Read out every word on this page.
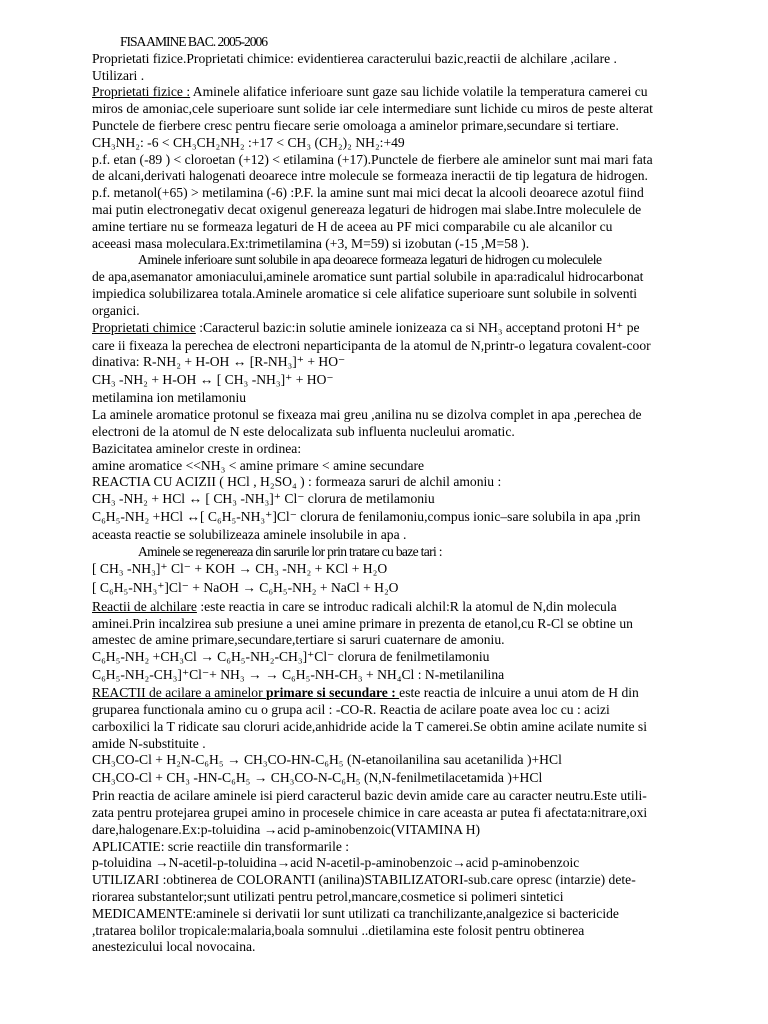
FISA AMINE BAC. 2005-2006
Proprietati fizice.Proprietati chimice: evidentierea caracterului bazic,reactii de alchilare ,acilare .
Utilizari .
Proprietati fizice : Aminele alifatice inferioare sunt gaze sau lichide volatile la temperatura camerei cu
miros de amoniac,cele superioare sunt solide iar cele intermediare sunt lichide cu miros de peste alterat
Punctele de fierbere cresc pentru fiecare serie omoloaga a aminelor primare,secundare si tertiare.
CH₃NH₂: -6 < CH₃CH₂NH₂ :+17 < CH₃ (CH₂)₂ NH₂:+49
p.f. etan (-89 ) < cloroetan (+12) < etilamina (+17).Punctele de fierbere ale aminelor sunt mai mari fata
de alcani,derivati halogenati deoarece intre molecule se formeaza ineractii de tip legatura de hidrogen.
p.f. metanol(+65) > metilamina (-6) :P.F. la amine sunt mai mici decat la alcooli deoarece azotul fiind
mai putin electronegativ decat oxigenul genereaza legaturi de hidrogen mai slabe.Intre moleculele de
amine tertiare nu se formeaza legaturi de H de aceea au PF mici comparabile cu ale alcanilor cu
aceeasi masa moleculara.Ex:trimetilamina (+3, M=59) si izobutan (-15 ,M=58 ).
Aminele inferioare sunt solubile in apa deoarece formeaza legaturi de hidrogen cu moleculele
de apa,asemanator amoniacului,aminele aromatice sunt partial solubile in apa:radicalul hidrocarbonat
impiedica solubilizarea totala.Aminele aromatice si cele alifatice superioare sunt solubile in solventi
organici.
Proprietati chimice :Caracterul bazic:in solutie aminele ionizeaza ca si NH₃ acceptand protoni H⁺ pe
care ii fixeaza la perechea de electroni neparticipanta de la atomul de N,printr-o legatura covalent-coor
dinativa: R-NH₂ + H-OH ↔ [R-NH₃]⁺ + HO⁻
CH₃ -NH₂ + H-OH ↔ [ CH₃ -NH₃]⁺ + HO⁻
metilamina ion metilamoniu
La aminele aromatice protonul se fixeaza mai greu ,anilina nu se dizolva complet in apa ,perechea de
electroni de la atomul de N este delocalizata sub influenta nucleului aromatic.
Bazicitatea aminelor creste in ordinea:
amine aromatice <<NH₃ < amine primare < amine secundare
REACTIA CU ACIZII ( HCl , H₂SO₄ ) : formeaza saruri de alchil amoniu :
CH₃ -NH₂ + HCl ↔ [ CH₃ -NH₃]⁺ Cl⁻ clorura de metilamoniu
C₆H₅-NH₂ +HCl ↔[ C₆H₅-NH₃⁺]Cl⁻ clorura de fenilamoniu,compus ionic–sare solubila in apa ,prin
aceasta reactie se solubilizeaza aminele insolubile in apa .
Aminele se regenereaza din sarurile lor prin tratare cu baze tari :
[ CH₃ -NH₃]⁺ Cl⁻ + KOH → CH₃ -NH₂ + KCl + H₂O
[ C₆H₅-NH₃⁺]Cl⁻ + NaOH → C₆H₅-NH₂ + NaCl + H₂O
Reactii de alchilare :este reactia in care se introduc radicali alchil:R la atomul de N,din molecula
aminei.Prin incalzirea sub presiune a unei amine primare in prezenta de etanol,cu R-Cl se obtine un
amestec de amine primare,secundare,tertiare si saruri cuaternare de amoniu.
C₆H₅-NH₂ +CH₃Cl → C₆H₅-NH₂-CH₃]⁺Cl⁻ clorura de fenilmetilamoniu
C₆H₅-NH₂-CH₃]⁺Cl⁻+ NH₃ → → C₆H₅-NH-CH₃ + NH₄Cl : N-metilanilina
REACTII de acilare a aminelor primare si secundare : este reactia de inlcuire a unui atom de H din
gruparea functionala amino cu o grupa acil : -CO-R. Reactia de acilare poate avea loc cu : acizi
carboxilici la T ridicate sau cloruri acide,anhidride acide la T camerei.Se obtin amine acilate numite si
amide N-substituite .
CH₃CO-Cl + H₂N-C₆H₅ → CH₃CO-HN-C₆H₅ (N-etanoilanilina sau acetanilida )+HCl
CH₃CO-Cl + CH₃ -HN-C₆H₅ → CH₃CO-N-C₆H₅ (N,N-fenilmetilacetamida )+HCl
Prin reactia de acilare aminele isi pierd caracterul bazic devin amide care au caracter neutru.Este utili-
zata pentru protejarea grupei amino in procesele chimice in care aceasta ar putea fi afectata:nitrare,oxi
dare,halogenare.Ex:p-toluidina →acid p-aminobenzoic(VITAMINA H)
APLICATIE: scrie reactiile din transformarile :
p-toluidina →N-acetil-p-toluidina→acid N-acetil-p-aminobenzoic→acid p-aminobenzoic
UTILIZARI :obtinerea de COLORANTI (anilina)STABILIZATORI-sub.care opresc (intarzie) dete-
riorarea substantelor;sunt utilizati pentru petrol,mancare,cosmetice si polimeri sintetici
MEDICAMENTE:aminele si derivatii lor sunt utilizati ca tranchilizante,analgezice si bactericide
,tratarea bolilor tropicale:malaria,boala somnului ..dietilamina este folosit pentru obtinerea
anestezicului local novocaina.
